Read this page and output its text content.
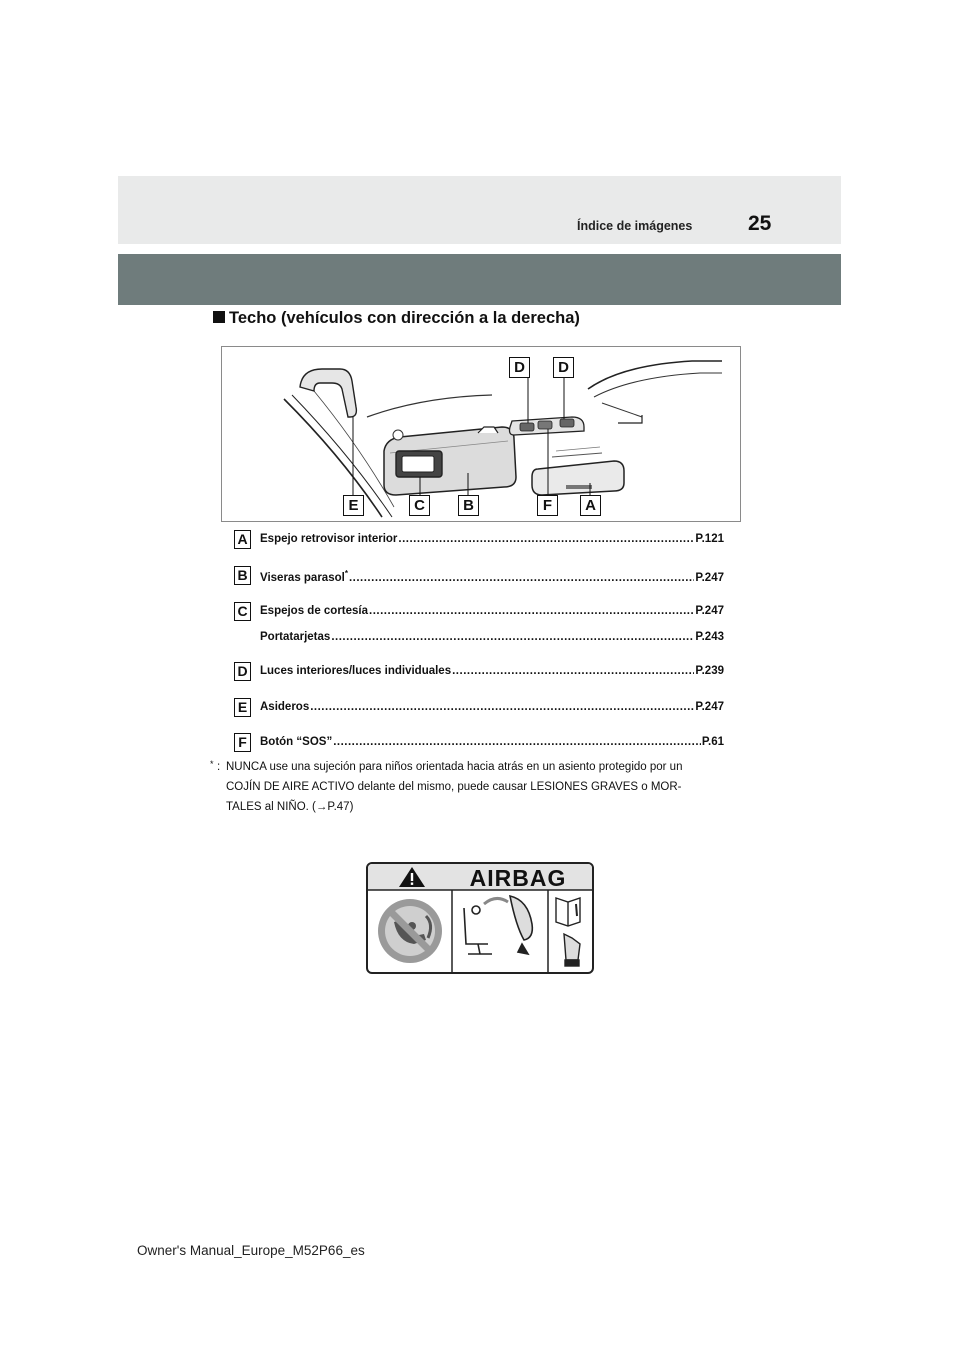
Índice de imágenes	25
Techo (vehículos con dirección a la derecha)
D	D
E	C	B	F	A
A Espejo retrovisor interior .....	P.121
B Viseras parasol* .....	P.247
C Espejos de cortesía .....	P.247
Portatarjetas .....	P.243
D Luces interiores/luces individuales .....	P.239
E	Asideros .....	P.247
F	Botón “SOS” .....	P.61
* : NUNCA use una sujeción para niños orientada hacia atrás en un asiento protegido por un
COJÍN DE AIRE ACTIVO delante del mismo, puede causar LESIONES GRAVES o MOR-
TALES al NIÑO. (→P.47)
AIRBAG
Owner's Manual_Europe_M52P66_es
